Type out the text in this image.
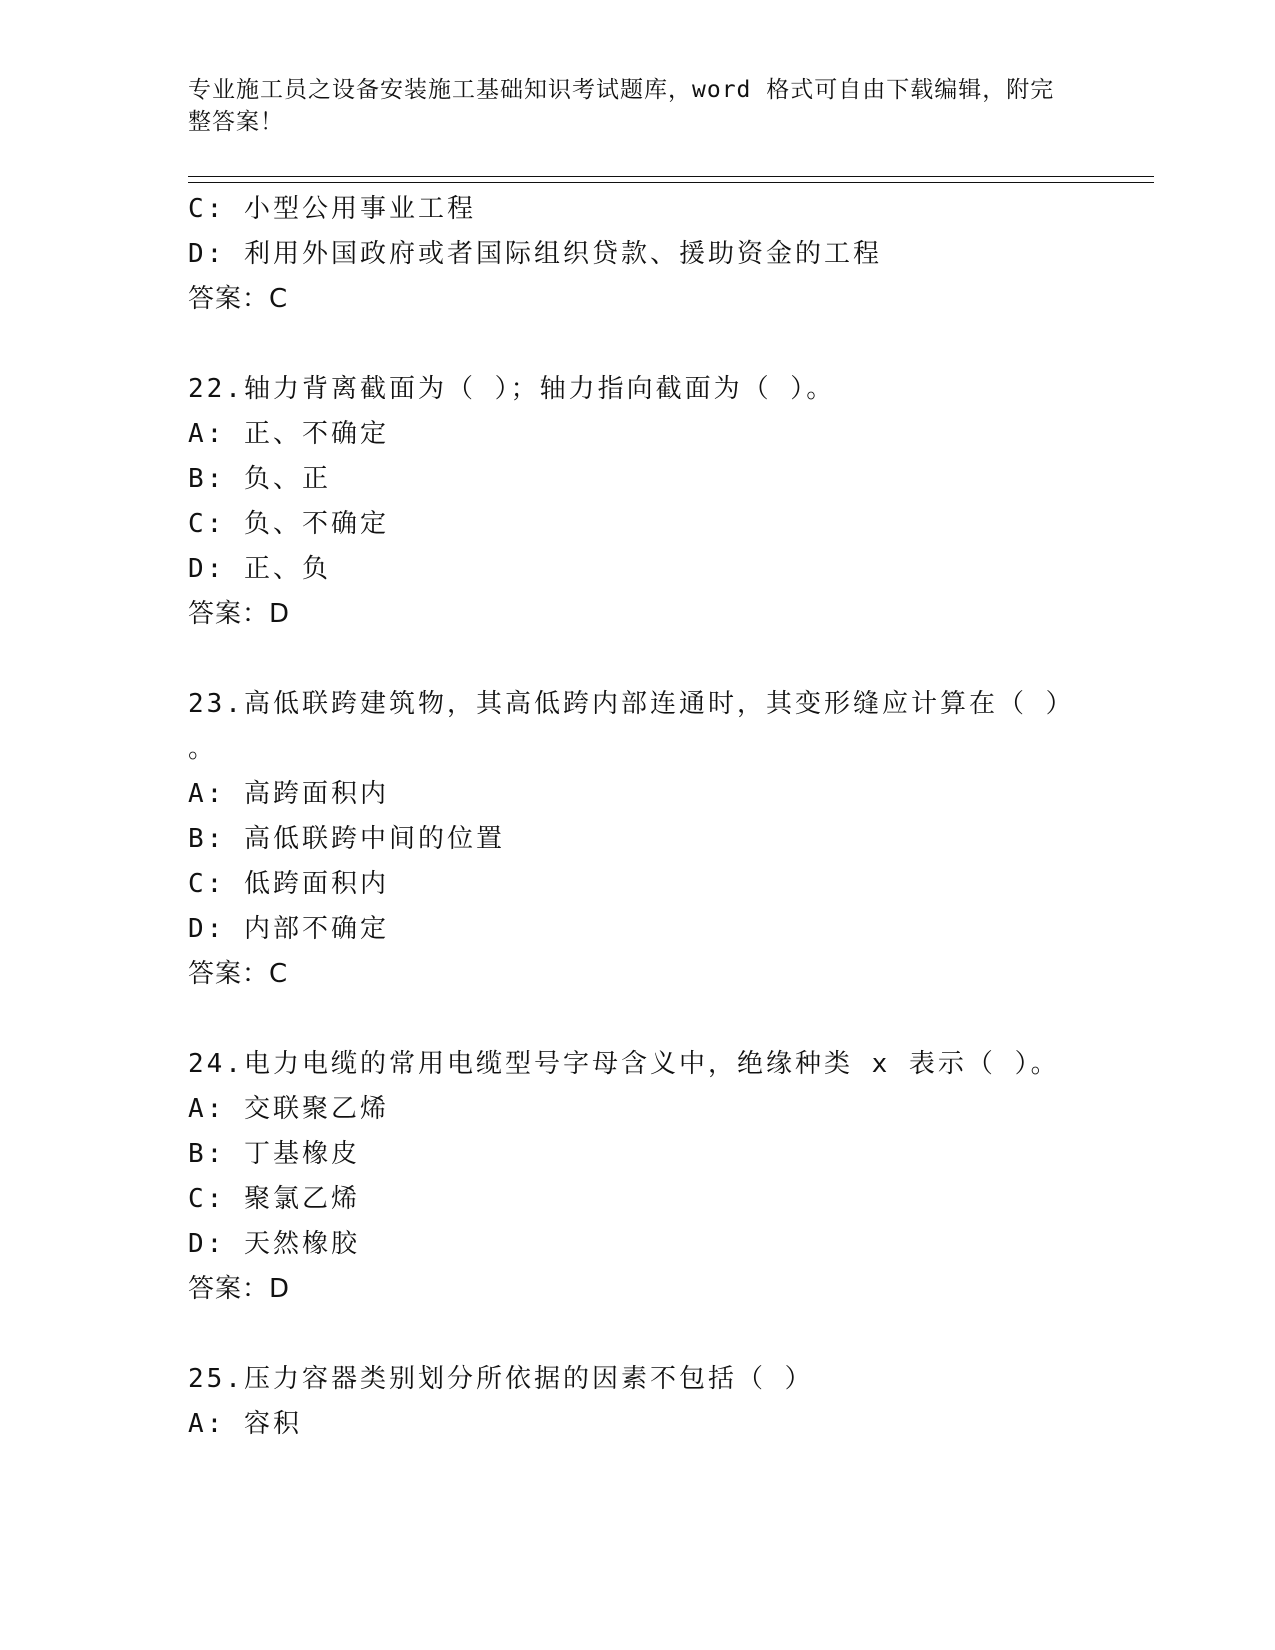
专业施工员之设备安装施工基础知识考试题库，word 格式可自由下载编辑，附完
整答案！
C: 小型公用事业工程
D: 利用外国政府或者国际组织贷款、援助资金的工程
答案：C
22.轴力背离截面为（ ）；轴力指向截面为（ ）。
A: 正、不确定
B: 负、正
C: 负、不确定
D: 正、负
答案：D
23.高低联跨建筑物，其高低跨内部连通时，其变形缝应计算在（ ）
。
A: 高跨面积内
B: 高低联跨中间的位置
C: 低跨面积内
D: 内部不确定
答案：C
24.电力电缆的常用电缆型号字母含义中，绝缘种类 x 表示（ ）。
A: 交联聚乙烯
B: 丁基橡皮
C: 聚氯乙烯
D: 天然橡胶
答案：D
25.压力容器类别划分所依据的因素不包括（ ）
A: 容积
